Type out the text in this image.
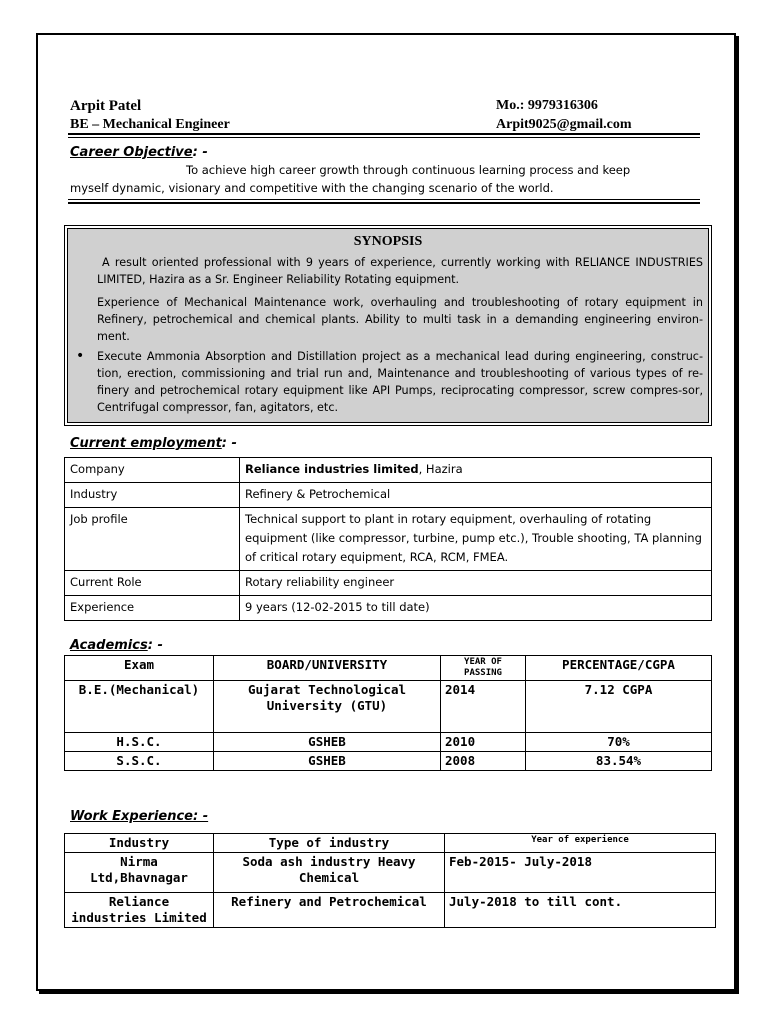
Arpit Patel
BE – Mechanical Engineer
Mo.: 9979316306
Arpit9025@gmail.com
Career Objective: -
To achieve high career growth through continuous learning process and keep
myself dynamic, visionary and competitive with the changing scenario of the world.
SYNOPSIS
A result oriented professional with 9 years of experience, currently working with RELIANCE INDUSTRIES LIMITED, Hazira as a Sr. Engineer Reliability Rotating equipment.
Experience of Mechanical Maintenance work, overhauling and troubleshooting of rotary equipment in Refinery, petrochemical and chemical plants. Ability to multi task in a demanding engineering environ-ment.
• Execute Ammonia Absorption and Distillation project as a mechanical lead during engineering, construc-tion, erection, commissioning and trial run and, Maintenance and troubleshooting of various types of re-finery and petrochemical rotary equipment like API Pumps, reciprocating compressor, screw compres-sor, Centrifugal compressor, fan, agitators, etc.
Current employment: -
Company	Reliance industries limited, Hazira
Industry	Refinery & Petrochemical
Job profile	Technical support to plant in rotary equipment, overhauling of rotating equipment (like compressor, turbine, pump etc.), Trouble shooting, TA planning of critical rotary equipment, RCA, RCM, FMEA.
Current Role	Rotary reliability engineer
Experience	9 years (12-02-2015 to till date)
Academics: -
Exam	BOARD/UNIVERSITY	YEAR OF PASSING	PERCENTAGE/CGPA
B.E.(Mechanical)	Gujarat Technological University (GTU)	2014	7.12 CGPA
H.S.C.	GSHEB	2010	70%
S.S.C.	GSHEB	2008	83.54%
Work Experience: -
Industry	Type of industry	Year of experience
Nirma Ltd,Bhavnagar	Soda ash industry Heavy Chemical	Feb-2015- July-2018
Reliance industries Limited	Refinery and Petrochemical	July-2018 to till cont.
